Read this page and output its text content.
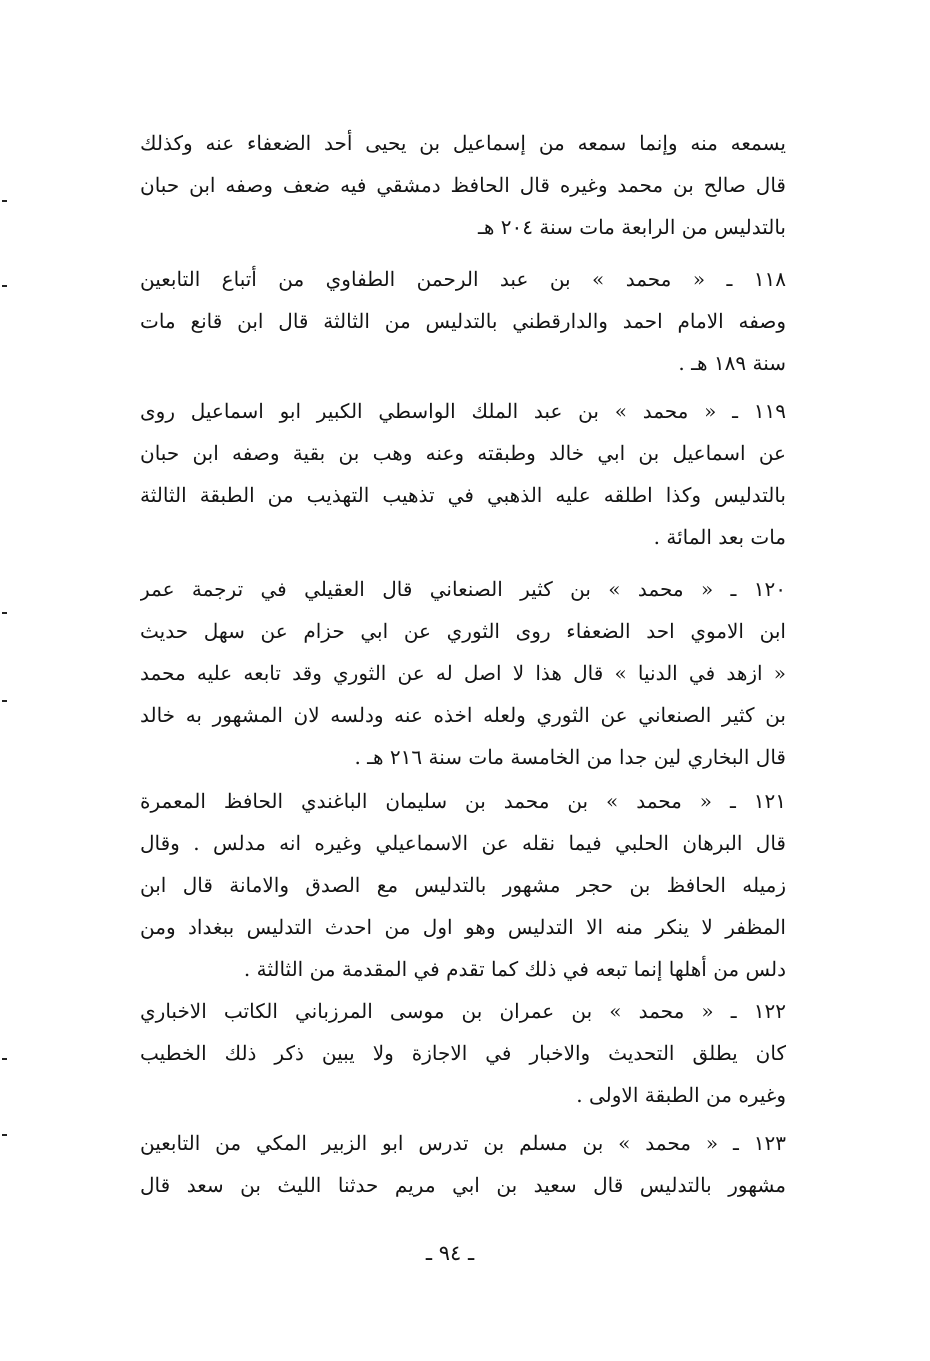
يسمعه منه وإنما سمعه من إسماعيل بن يحيى أحد الضعفاء عنه وكذلك
قال صالح بن محمد وغيره قال الحافظ دمشقي فيه ضعف وصفه ابن حبان
بالتدليس من الرابعة مات سنة ٢٠٤ هـ
١١٨ ـ « محمد » بن عبد الرحمن الطفاوي من أتباع التابعين
وصفه الامام احمد والدارقطني بالتدليس من الثالثة قال ابن قانع مات
سنة ١٨٩ هـ .
١١٩ ـ « محمد » بن عبد الملك الواسطي الكبير ابو اسماعيل روى
عن اسماعيل بن ابي خالد وطبقته وعنه وهب بن بقية وصفه ابن حبان
بالتدليس وكذا اطلقه عليه الذهبي في تذهيب التهذيب من الطبقة الثالثة
مات بعد المائة .
١٢٠ ـ « محمد » بن كثير الصنعاني قال العقيلي في ترجمة عمر
ابن الاموي احد الضعفاء روى الثوري عن ابي حزام عن سهل حديث
« ازهد في الدنيا » قال هذا لا اصل له عن الثوري وقد تابعه عليه محمد
بن كثير الصنعاني عن الثوري ولعله اخذه عنه ودلسه لان المشهور به خالد
قال البخاري لين جدا من الخامسة مات سنة ٢١٦ هـ .
١٢١ ـ « محمد » بن محمد بن سليمان الباغندي الحافظ المعمرة
قال البرهان الحلبي فيما نقله عن الاسماعيلي وغيره انه مدلس . وقال
زميله الحافظ بن حجر مشهور بالتدليس مع الصدق والامانة قال ابن
المظفر لا ينكر منه الا التدليس وهو اول من احدث التدليس ببغداد ومن
دلس من أهلها إنما تبعه في ذلك كما تقدم في المقدمة من الثالثة .
١٢٢ ـ « محمد » بن عمران بن موسى المرزباني الكاتب الاخباري
كان يطلق التحديث والاخبار في الاجازة ولا يبين ذكر ذلك الخطيب
وغيره من الطبقة الاولى .
١٢٣ ـ « محمد » بن مسلم بن تدرس ابو الزبير المكي من التابعين
مشهور بالتدليس قال سعيد بن ابي مريم حدثنا الليث بن سعد قال
ـ ٩٤ ـ
